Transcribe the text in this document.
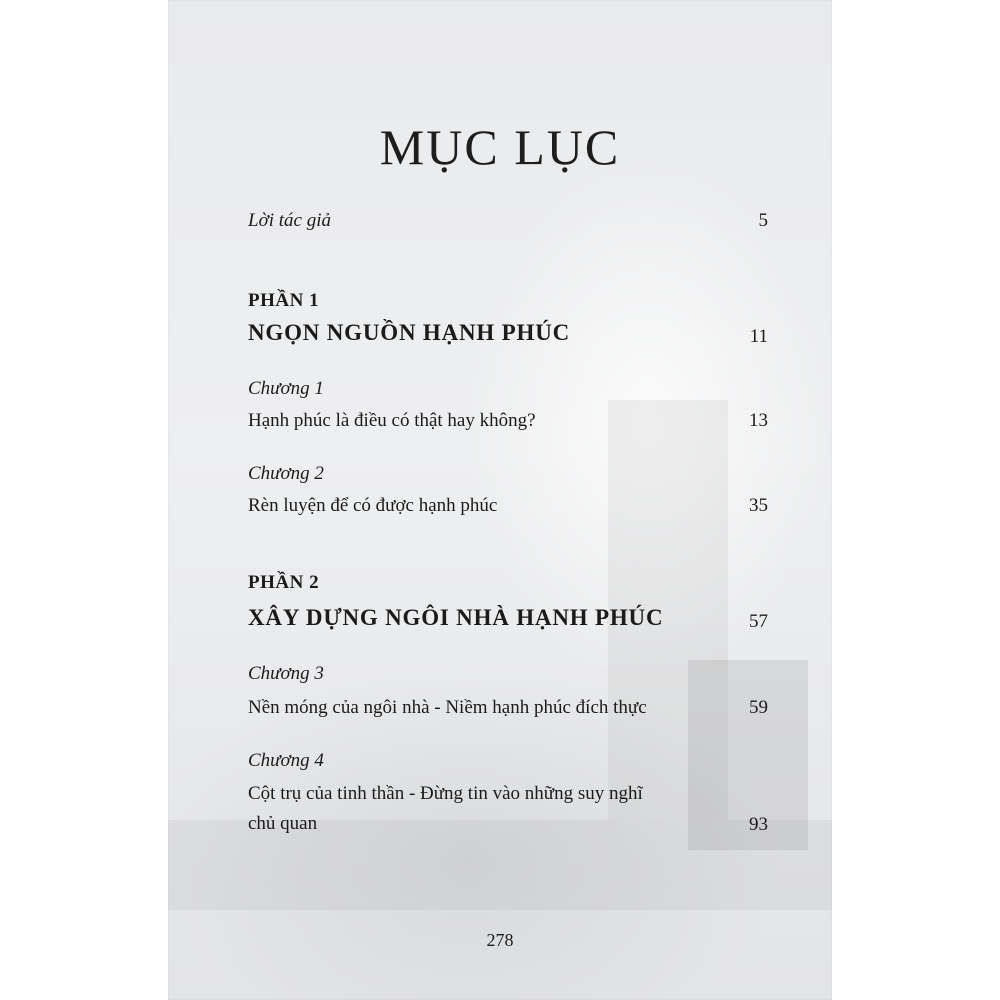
MỤC LỤC
Lời tác giả	5
PHẦN 1
NGỌN NGUỒN HẠNH PHÚC	11
Chương 1
Hạnh phúc là điều có thật hay không?	13
Chương 2
Rèn luyện để có được hạnh phúc	35
PHẦN 2
XÂY DỰNG NGÔI NHÀ HẠNH PHÚC	57
Chương 3
Nền móng của ngôi nhà - Niềm hạnh phúc đích thực	59
Chương 4
Cột trụ của tinh thần - Đừng tin vào những suy nghĩ
chủ quan	93
278
